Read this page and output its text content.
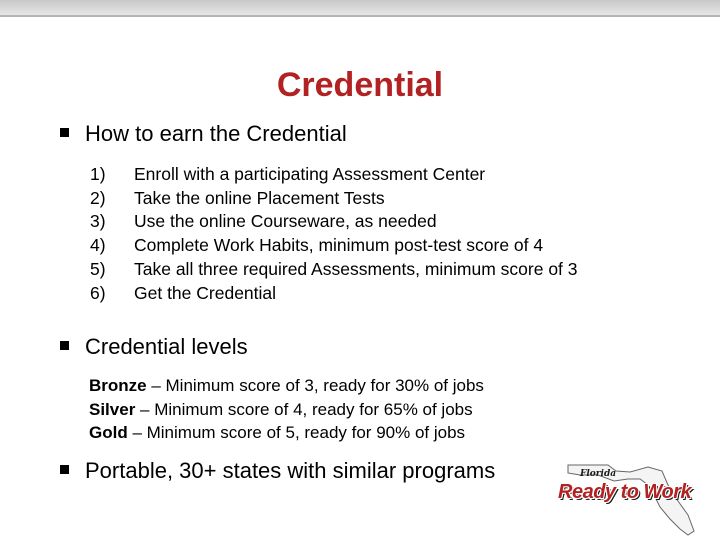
Credential
How to earn the Credential
1)	Enroll with a participating Assessment Center
2)	Take the online Placement Tests
3)	Use the online Courseware, as needed
4)	Complete Work Habits, minimum post-test score of 4
5)	Take all three required Assessments, minimum score of 3
6)	Get the Credential
Credential levels
Bronze – Minimum score of 3, ready for 30% of jobs
Silver – Minimum score of 4, ready for 65% of jobs
Gold – Minimum score of 5, ready for 90% of jobs
Portable, 30+ states with similar programs	Florida
Ready to Work
